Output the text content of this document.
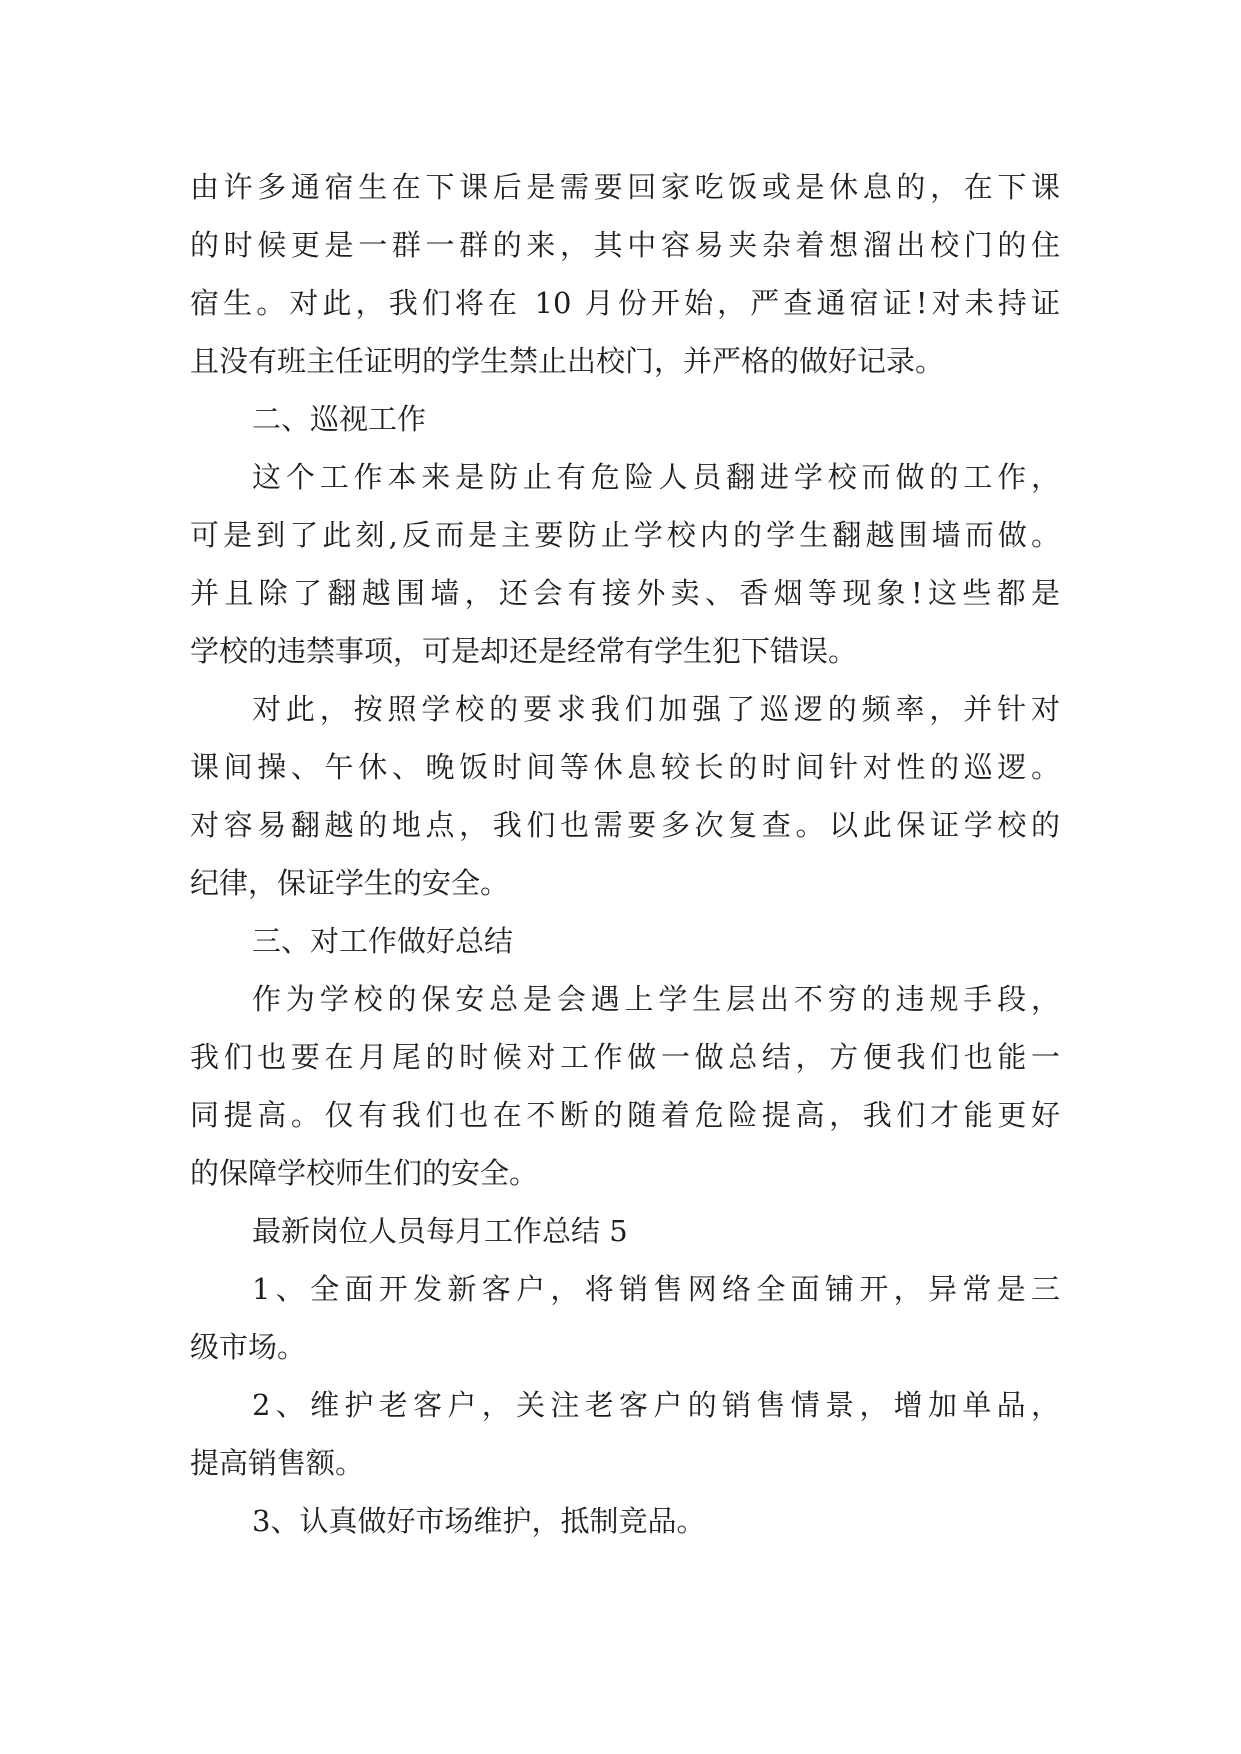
由许多通宿生在下课后是需要回家吃饭或是休息的，在下课
的时候更是一群一群的来，其中容易夹杂着想溜出校门的住
宿生。对此，我们将在 10 月份开始，严查通宿证!对未持证
且没有班主任证明的学生禁止出校门，并严格的做好记录。
二、巡视工作
这个工作本来是防止有危险人员翻进学校而做的工作，
可是到了此刻,反而是主要防止学校内的学生翻越围墙而做。
并且除了翻越围墙，还会有接外卖、香烟等现象!这些都是
学校的违禁事项，可是却还是经常有学生犯下错误。
对此，按照学校的要求我们加强了巡逻的频率，并针对
课间操、午休、晚饭时间等休息较长的时间针对性的巡逻。
对容易翻越的地点，我们也需要多次复查。以此保证学校的
纪律，保证学生的安全。
三、对工作做好总结
作为学校的保安总是会遇上学生层出不穷的违规手段，
我们也要在月尾的时候对工作做一做总结，方便我们也能一
同提高。仅有我们也在不断的随着危险提高，我们才能更好
的保障学校师生们的安全。
最新岗位人员每月工作总结 5
1、全面开发新客户，将销售网络全面铺开，异常是三
级市场。
2、维护老客户，关注老客户的销售情景，增加单品，
提高销售额。
3、认真做好市场维护，抵制竞品。
